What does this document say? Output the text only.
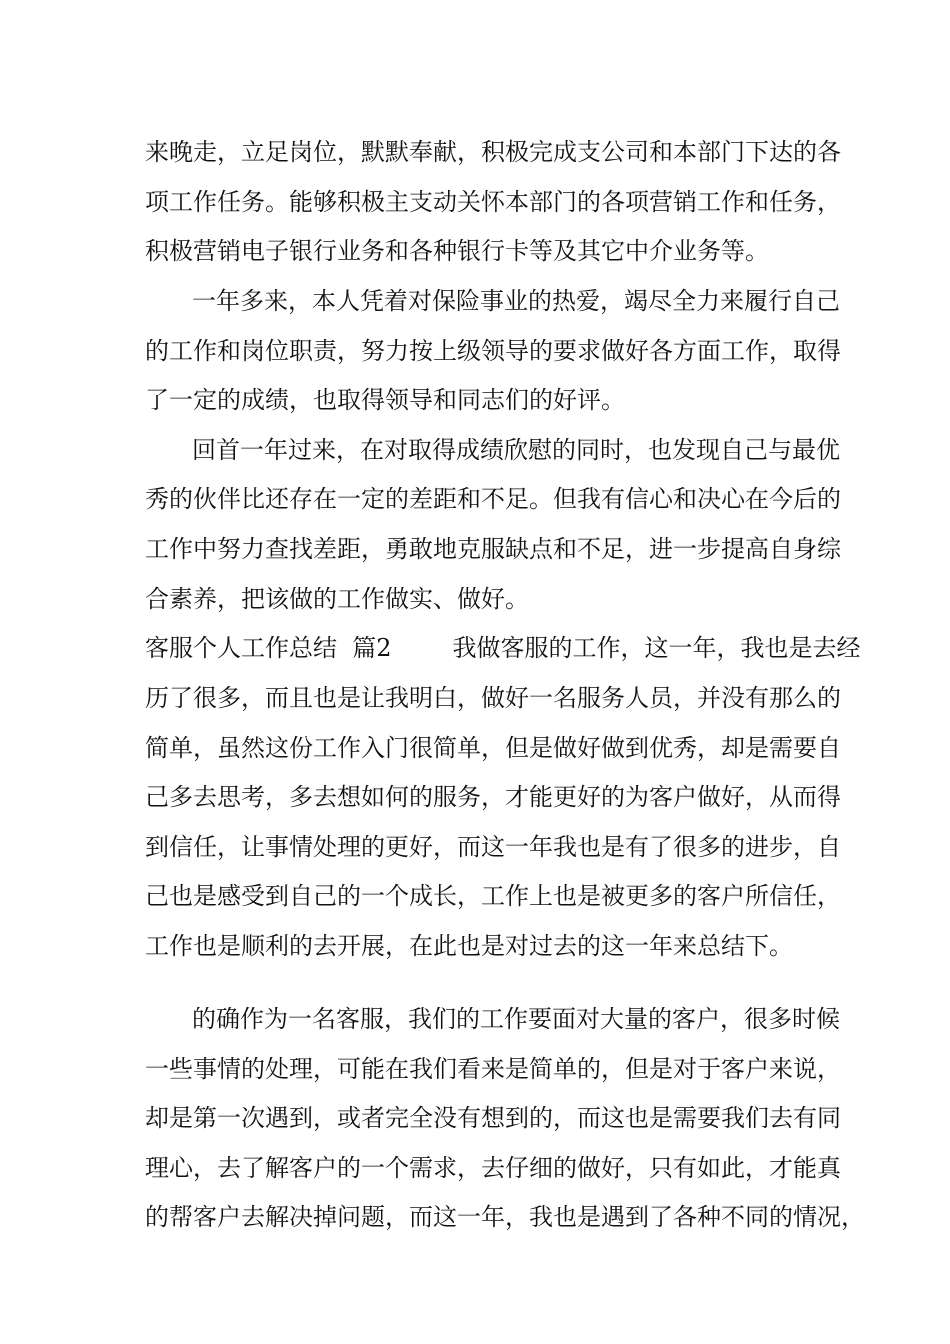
来晚走，立足岗位，默默奉献，积极完成支公司和本部门下达的各
项工作任务。能够积极主支动关怀本部门的各项营销工作和任务，
积极营销电子银行业务和各种银行卡等及其它中介业务等。
一年多来，本人凭着对保险事业的热爱，竭尽全力来履行自己
的工作和岗位职责，努力按上级领导的要求做好各方面工作，取得
了一定的成绩，也取得领导和同志们的好评。
回首一年过来，在对取得成绩欣慰的同时，也发现自己与最优
秀的伙伴比还存在一定的差距和不足。但我有信心和决心在今后的
工作中努力查找差距，勇敢地克服缺点和不足，进一步提高自身综
合素养，把该做的工作做实、做好。
客服个人工作总结  篇2        我做客服的工作，这一年，我也是去经
历了很多，而且也是让我明白，做好一名服务人员，并没有那么的
简单，虽然这份工作入门很简单，但是做好做到优秀，却是需要自
己多去思考，多去想如何的服务，才能更好的为客户做好，从而得
到信任，让事情处理的更好，而这一年我也是有了很多的进步，自
己也是感受到自己的一个成长，工作上也是被更多的客户所信任，
工作也是顺利的去开展，在此也是对过去的这一年来总结下。
的确作为一名客服，我们的工作要面对大量的客户，很多时候
一些事情的处理，可能在我们看来是简单的，但是对于客户来说，
却是第一次遇到，或者完全没有想到的，而这也是需要我们去有同
理心，去了解客户的一个需求，去仔细的做好，只有如此，才能真
的帮客户去解决掉问题，而这一年，我也是遇到了各种不同的情况，
